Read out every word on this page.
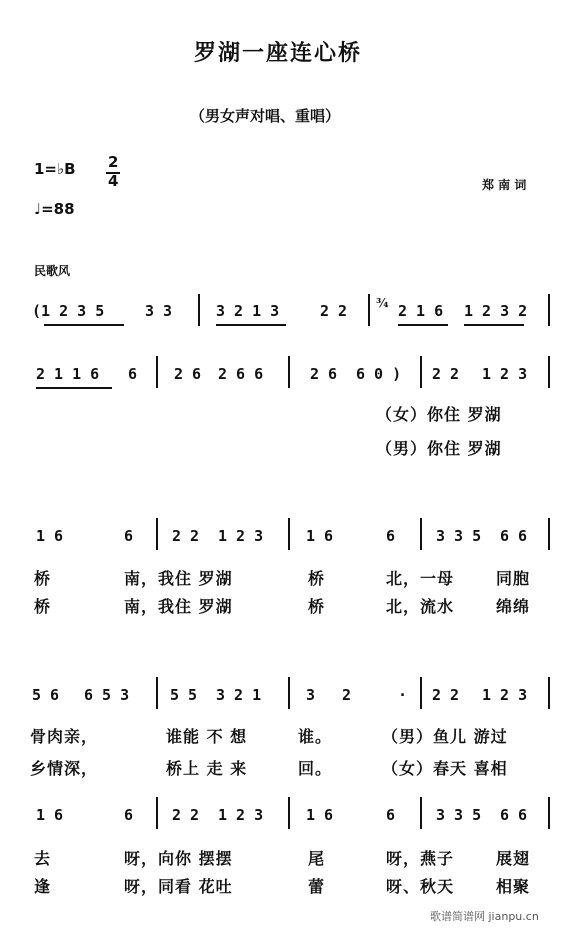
罗湖一座连心桥
（男女声对唱、重唱）
1=♭B 2
4
♩=88
民歌风
郑 南 词
(1 2 3 5	3 3	3 2 1 3	2 2 ¾ 2 1 6 1 2 3 2
2 1 1 6 6 2 6 2 6 6	2 6 6 0 ) 2 2 1 2 3
（女）你住 罗湖
（男）你住 罗湖
1 6	6	2 2 1 2 3	1 6	6	3 3 5 6 6
桥	南，我住 罗湖	桥	北，一母	同胞
桥	南，我住 罗湖	桥	北，流水	绵绵
5 6 6 5 3	5 5 3 2 1	3 2	· 2 2 1 2 3
骨肉亲，	谁能 不 想	谁。	（男）鱼儿 游过
乡情深，	桥上 走 来	回。	（女）春天 喜相
1 6	6	2 2 1 2 3	1 6	6	3 3 5 6 6
去	呀，向你 摆摆	尾	呀，燕子	展翅
逢	呀，同看 花吐	蕾	呀、秋天	相聚
歌谱简谱网 jianpu.cn
